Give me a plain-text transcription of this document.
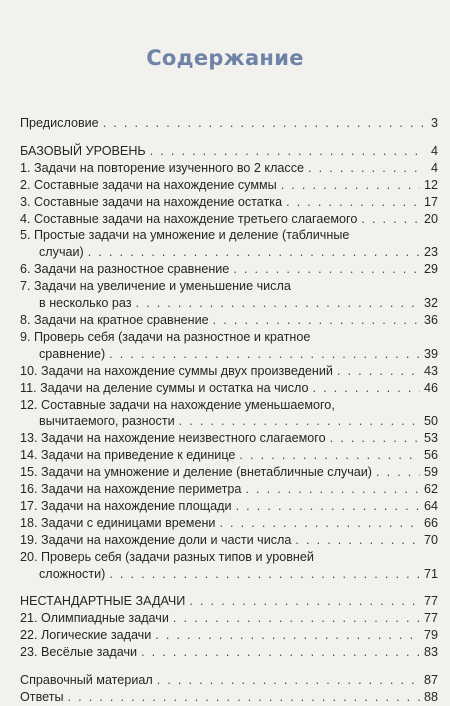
Содержание
Предисловие . . .	3
БАЗОВЫЙ УРОВЕНЬ . . .	4
1. Задачи на повторение изученного во 2 классе . . .	4
2. Составные задачи на нахождение суммы . . .	12
3. Составные задачи на нахождение остатка . . .	17
4. Составные задачи на нахождение третьего слагаемого . . .	20
5. Простые задачи на умножение и деление (табличные
случаи) . . .	23
6. Задачи на разностное сравнение . . .	29
7. Задачи на увеличение и уменьшение числа
в несколько раз . . .	32
8. Задачи на кратное сравнение . . .	36
9. Проверь себя (задачи на разностное и кратное
сравнение) . . .	39
10. Задачи на нахождение суммы двух произведений . . .	43
11. Задачи на деление суммы и остатка на число . . .	46
12. Составные задачи на нахождение уменьшаемого,
вычитаемого, разности . . .	50
13. Задачи на нахождение неизвестного слагаемого . . .	53
14. Задачи на приведение к единице . . .	56
15. Задачи на умножение и деление (внетабличные случаи) . . .	59
16. Задачи на нахождение периметра . . .	62
17. Задачи на нахождение площади . . .	64
18. Задачи с единицами времени . . .	66
19. Задачи на нахождение доли и части числа . . .	70
20. Проверь себя (задачи разных типов и уровней
сложности) . . .	71
НЕСТАНДАРТНЫЕ ЗАДАЧИ . . .	77
21. Олимпиадные задачи . . .	77
22. Логические задачи . . .	79
23. Весёлые задачи . . .	83
Справочный материал . . .	87
Ответы . . .	88
